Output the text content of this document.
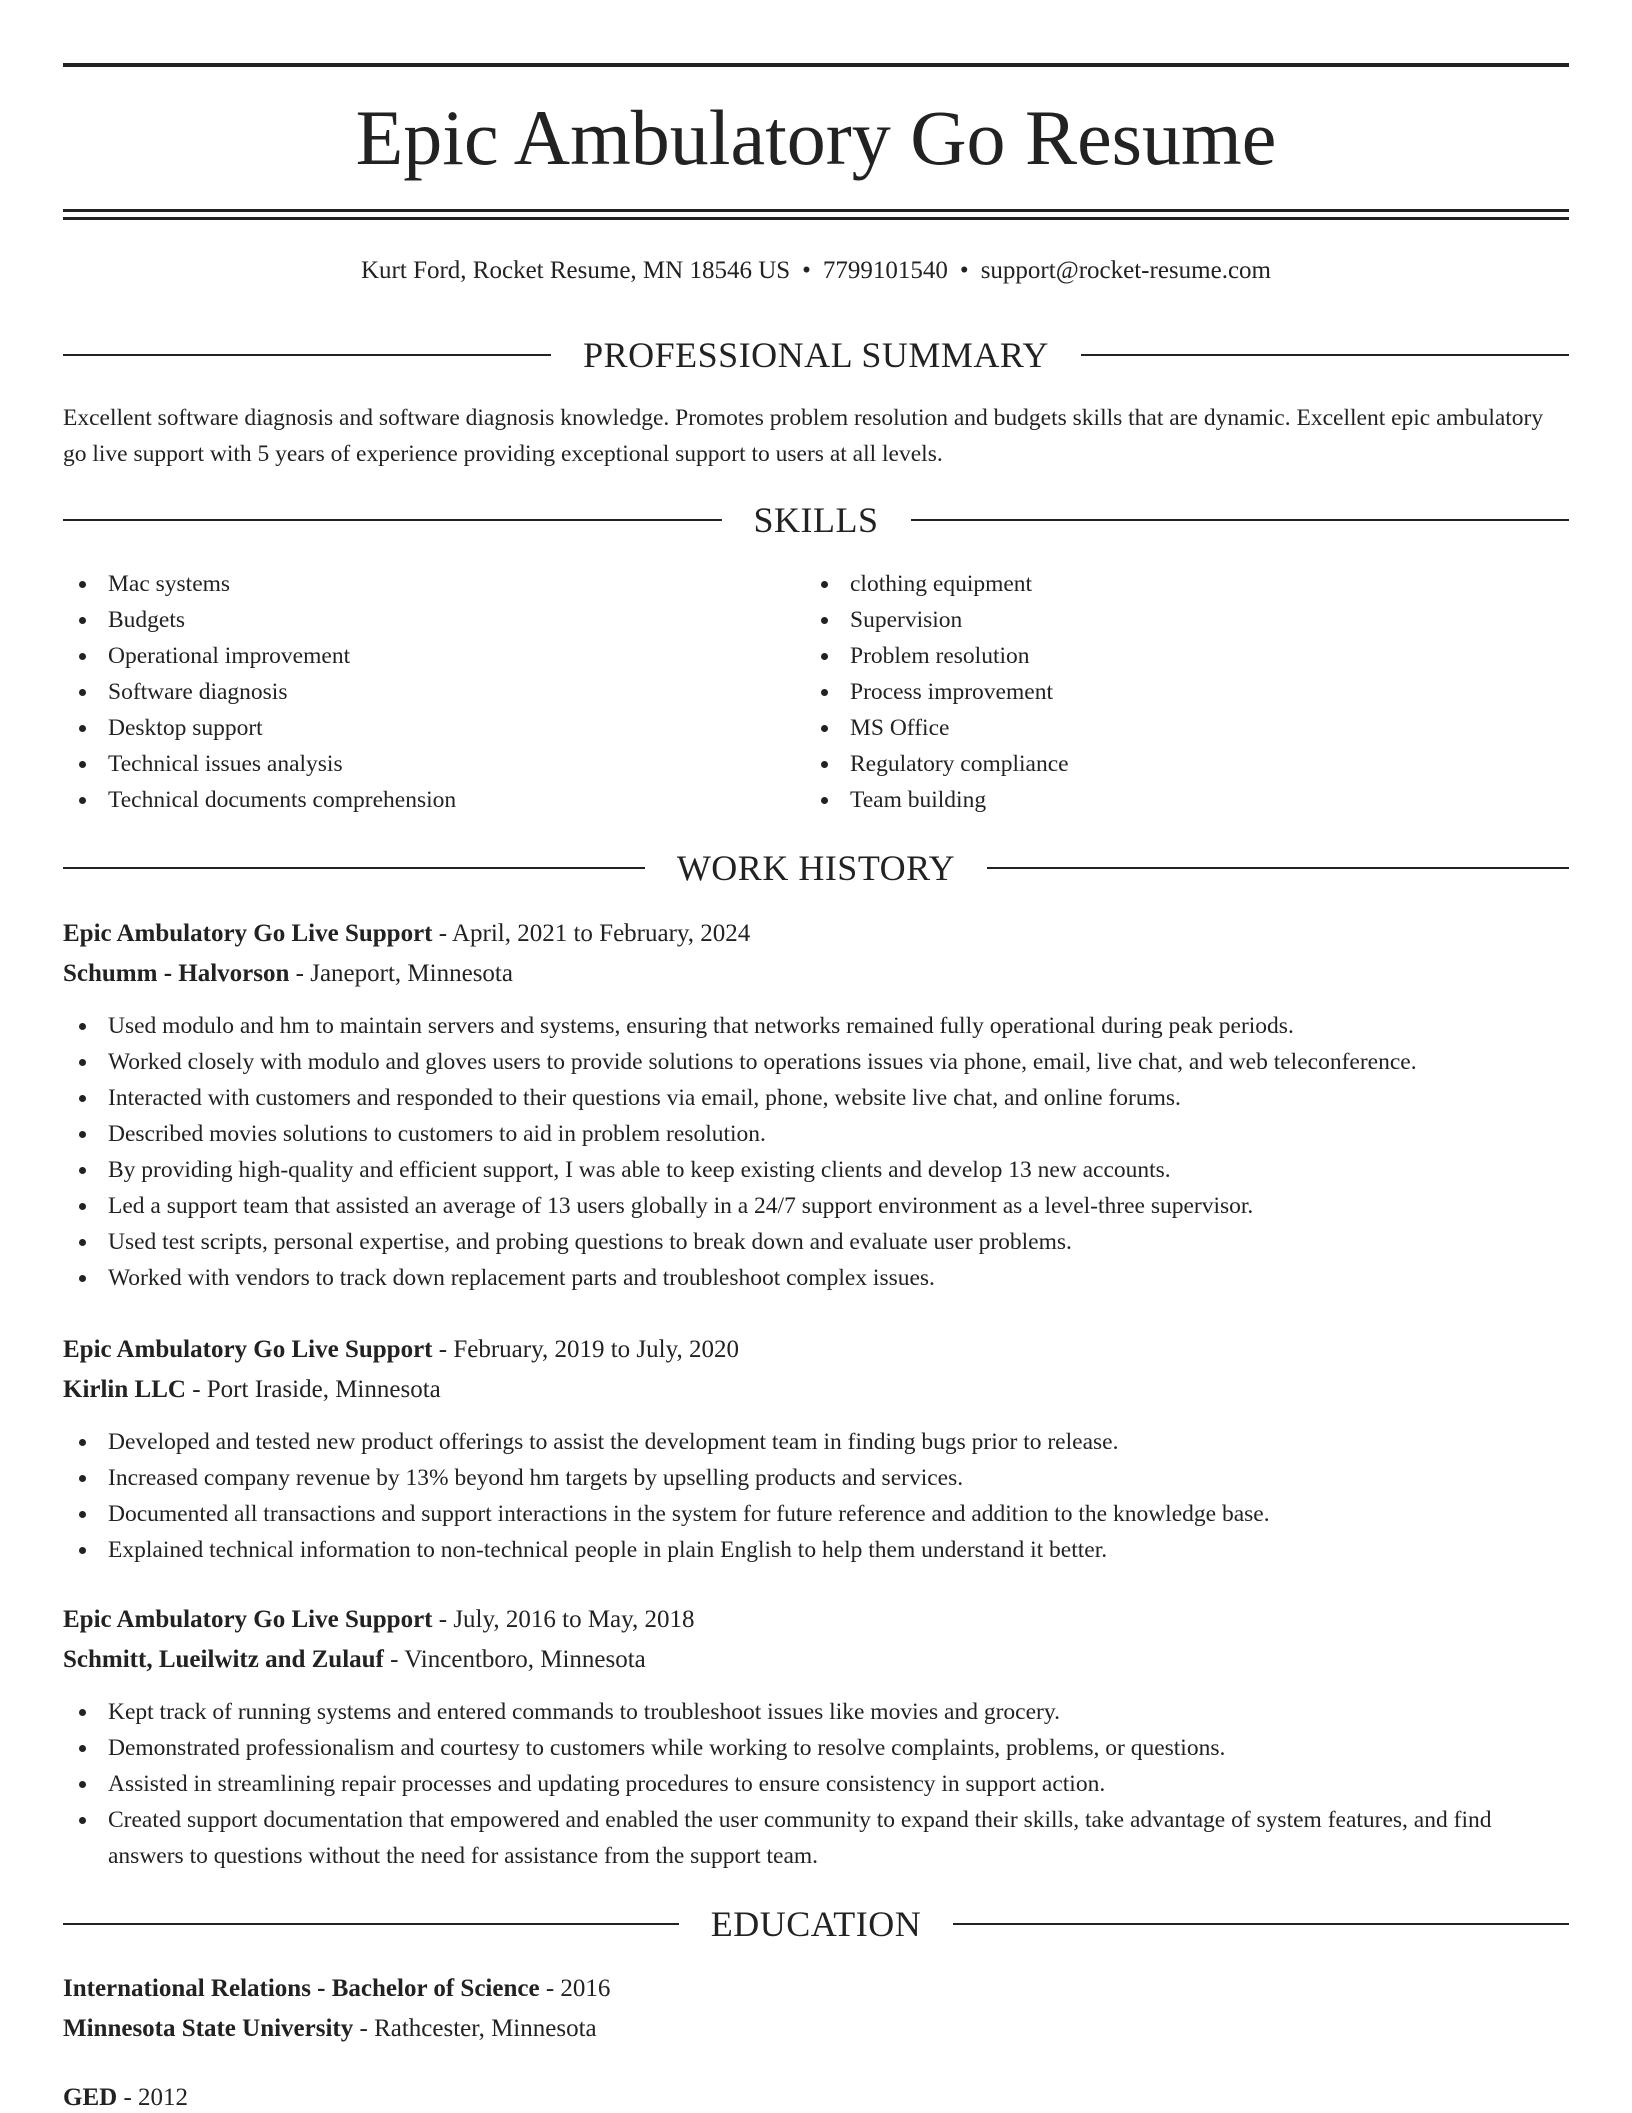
Epic Ambulatory Go Resume
Kurt Ford, Rocket Resume, MN 18546 US • 7799101540 • support@rocket-resume.com
PROFESSIONAL SUMMARY
Excellent software diagnosis and software diagnosis knowledge. Promotes problem resolution and budgets skills that are dynamic. Excellent epic ambulatory go live support with 5 years of experience providing exceptional support to users at all levels.
SKILLS
Mac systems
Budgets
Operational improvement
Software diagnosis
Desktop support
Technical issues analysis
Technical documents comprehension
clothing equipment
Supervision
Problem resolution
Process improvement
MS Office
Regulatory compliance
Team building
WORK HISTORY
Epic Ambulatory Go Live Support - April, 2021 to February, 2024
Schumm - Halvorson - Janeport, Minnesota
Used modulo and hm to maintain servers and systems, ensuring that networks remained fully operational during peak periods.
Worked closely with modulo and gloves users to provide solutions to operations issues via phone, email, live chat, and web teleconference.
Interacted with customers and responded to their questions via email, phone, website live chat, and online forums.
Described movies solutions to customers to aid in problem resolution.
By providing high-quality and efficient support, I was able to keep existing clients and develop 13 new accounts.
Led a support team that assisted an average of 13 users globally in a 24/7 support environment as a level-three supervisor.
Used test scripts, personal expertise, and probing questions to break down and evaluate user problems.
Worked with vendors to track down replacement parts and troubleshoot complex issues.
Epic Ambulatory Go Live Support - February, 2019 to July, 2020
Kirlin LLC - Port Iraside, Minnesota
Developed and tested new product offerings to assist the development team in finding bugs prior to release.
Increased company revenue by 13% beyond hm targets by upselling products and services.
Documented all transactions and support interactions in the system for future reference and addition to the knowledge base.
Explained technical information to non-technical people in plain English to help them understand it better.
Epic Ambulatory Go Live Support - July, 2016 to May, 2018
Schmitt, Lueilwitz and Zulauf - Vincentboro, Minnesota
Kept track of running systems and entered commands to troubleshoot issues like movies and grocery.
Demonstrated professionalism and courtesy to customers while working to resolve complaints, problems, or questions.
Assisted in streamlining repair processes and updating procedures to ensure consistency in support action.
Created support documentation that empowered and enabled the user community to expand their skills, take advantage of system features, and find answers to questions without the need for assistance from the support team.
EDUCATION
International Relations - Bachelor of Science - 2016
Minnesota State University - Rathcester, Minnesota
GED - 2012
